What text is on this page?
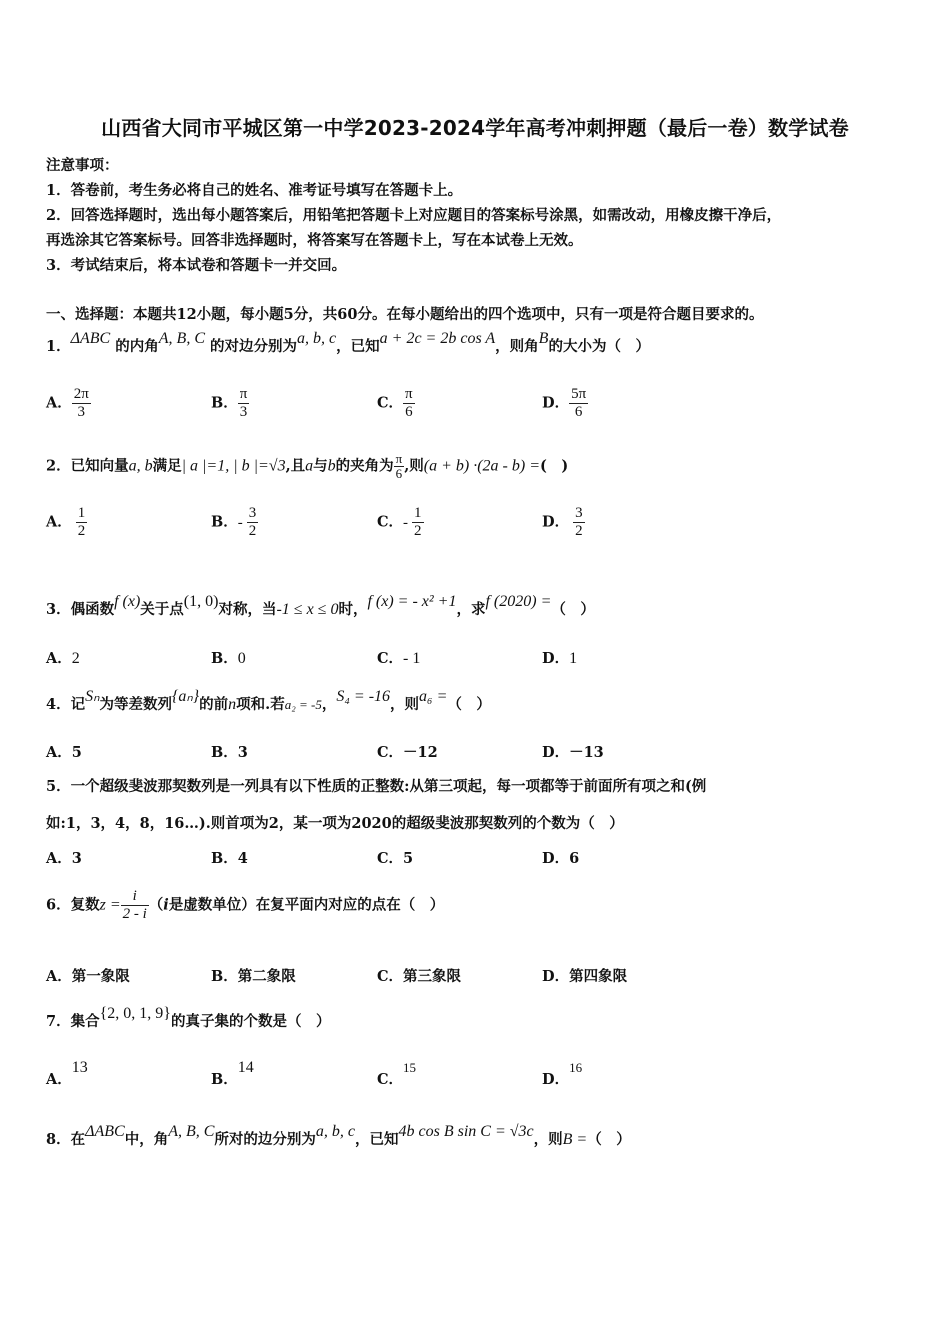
山西省大同市平城区第一中学2023-2024学年高考冲刺押题（最后一卷）数学试卷
注意事项：
1．答卷前，考生务必将自己的姓名、准考证号填写在答题卡上。
2．回答选择题时，选出每小题答案后，用铅笔把答题卡上对应题目的答案标号涂黑，如需改动，用橡皮擦干净后，
再选涂其它答案标号。回答非选择题时，将答案写在答题卡上，写在本试卷上无效。
3．考试结束后，将本试卷和答题卡一并交回。
一、选择题：本题共12小题，每小题5分，共60分。在每小题给出的四个选项中，只有一项是符合题目要求的。
1．ΔABC 的内角A, B, C 的对边分别为a, b, c，已知a + 2c = 2b cos A，则角B的大小为（　）
A． $\frac{2\pi}{3}$	B． $\frac{\pi}{3}$	C． $\frac{\pi}{6}$	D． $\frac{5\pi}{6}$
2．已知向量a, b满足| a |=1, | b |=√3,且a与b的夹角为 $\frac{\pi}{6}$ ,则(a + b) ·(2a - b) =(　)
A． $\frac{1}{2}$	B．- $\frac{3}{2}$	C．- $\frac{1}{2}$	D． $\frac{3}{2}$
3．偶函数f (x)关于点(1, 0)对称，当-1 ≤ x ≤ 0时，f (x) = - x² +1，求f (2020) =（　）
A．2	B．0	C．- 1	D．1
4．记Sₙ为等差数列{aₙ}的前n项和.若a₂ = -5，S₄ = -16，则a₆ =（　）
A．5	B．3	C．－12	D．－13
5．一个超级斐波那契数列是一列具有以下性质的正整数:从第三项起，每一项都等于前面所有项之和(例
如:1，3，4，8，16…).则首项为2，某一项为2020的超级斐波那契数列的个数为（　）
A．3	B．4	C．5	D．6
6．复数$z = \frac{i}{2 - i} (i$是虚数单位）在复平面内对应的点在（　）
A．第一象限	B．第二象限	C．第三象限	D．第四象限
7．集合{2, 0, 1, 9}的真子集的个数是（　）
A．13
B．14
C．15
D．16
8．在ΔABC中，角A, B, C所对的边分别为a, b, c，已知4b cos B sin C = √3c，则B =（　）
